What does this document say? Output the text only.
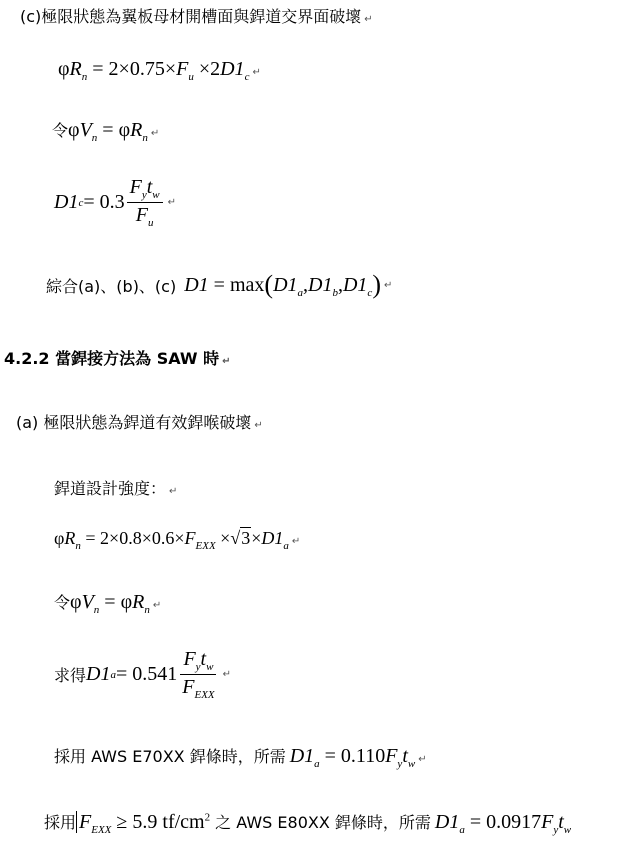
(c)極限狀態為翼板母材開槽面與銲道交界面破壞 ↵
$\varphi R_n = 2\times 0.75\times F_u \times 2D1_c$ ↵
令$\varphi V_n = \varphi R_n$ ↵
D1 $c = 0.3 \frac{F_yt_w}{F_u}$ ↵
綜合(a)、(b)、(c) $D1 = \max(D1_a,D1_b,D1_c)$ ↵
4.2.2 當銲接方法為 SAW 時 ↵
(a) 極限狀態為銲道有效銲喉破壞 ↵
銲道設計強度： ↵
$\varphi R_n = 2\times 0.8\times 0.6\times F_{EXX} \times√3\times D1_a$ ↵
令$\varphi V_n = \varphi R_n$ ↵
求得 D1 $a = 0.541 \frac{F_yt_w}{F_{EXX}}$ ↵
採用 AWS E70XX 銲條時，所需 $D1_a = 0.110F_yt_w$ ↵
採用 $F_{EXX} \ge 5.9$ $tf/cm^2$ 之 AWS E80XX 銲條時，所需 $D1_a = 0.0917F_yt_w$
